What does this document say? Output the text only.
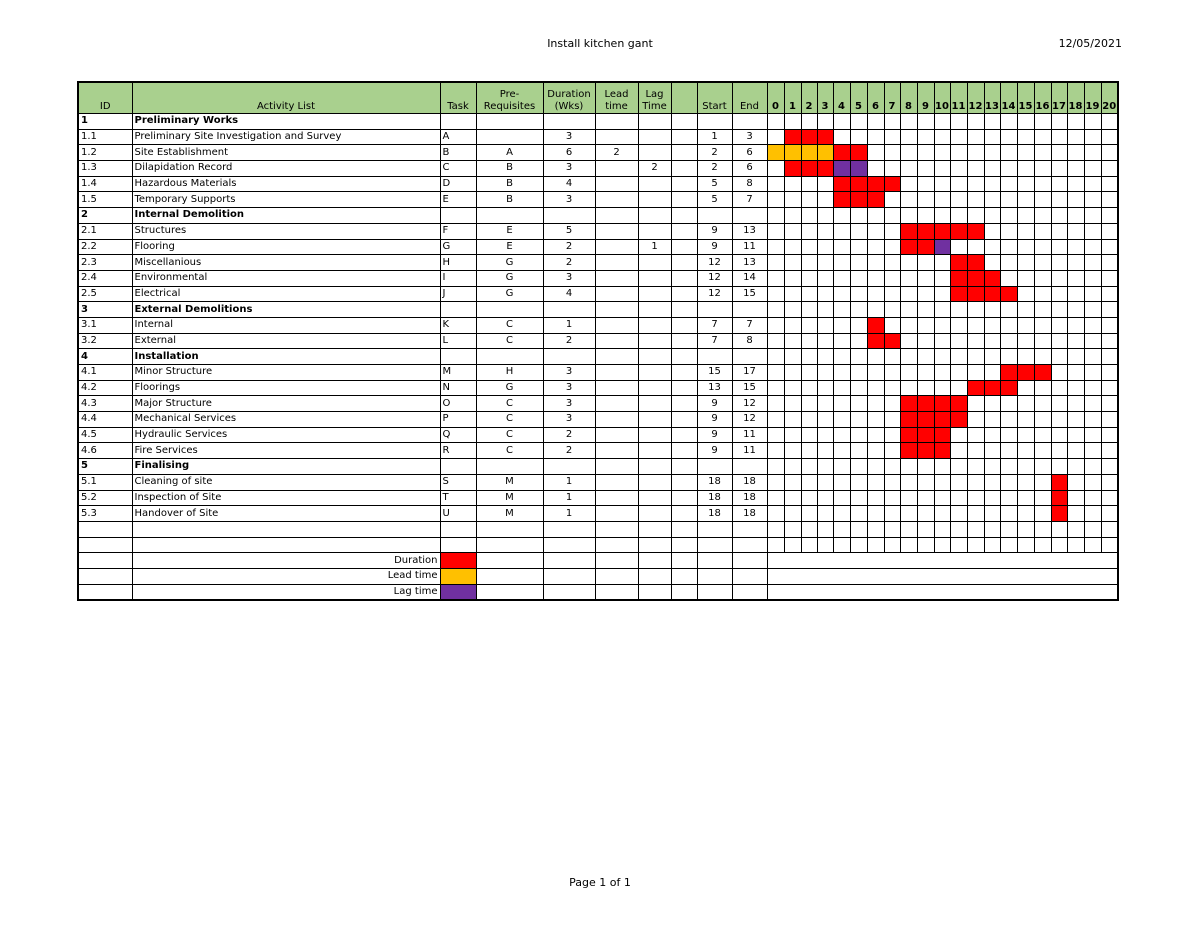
Install kitchen gant	12/05/2021
ID	Activity List	Task	Pre- Requisites	Duration (Wks)	Lead time	Lag Time		Start	End	0	1	2	3	4	5	6	7	8	9	10	11	12	13	14	15	16	17	18	19	20
1	Preliminary Works																													
1.1	Preliminary Site Investigation and Survey	A		3				1	3																					
1.2	Site Establishment	B	A	6	2			2	6																					
1.3	Dilapidation Record	C	B	3		2		2	6																					
1.4	Hazardous Materials	D	B	4				5	8																					
1.5	Temporary Supports	E	B	3				5	7																					
2	Internal Demolition																													
2.1	Structures	F	E	5				9	13																					
2.2	Flooring	G	E	2		1		9	11																					
2.3	Miscellanious	H	G	2				12	13																					
2.4	Environmental	I	G	3				12	14																					
2.5	Electrical	J	G	4				12	15																					
3	External Demolitions																													
3.1	Internal	K	C	1				7	7																					
3.2	External	L	C	2				7	8																					
4	Installation																													
4.1	Minor Structure	M	H	3				15	17																					
4.2	Floorings	N	G	3				13	15																					
4.3	Major Structure	O	C	3				9	12																					
4.4	Mechanical Services	P	C	3				9	12																					
4.5	Hydraulic Services	Q	C	2				9	11																					
4.6	Fire Services	R	C	2				9	11																					
5	Finalising																													
5.1	Cleaning of site	S	M	1				18	18																					
5.2	Inspection of Site	T	M	1				18	18																					
5.3	Handover of Site	U	M	1				18	18																					

	Duration																													
	Lead time																													
	Lag time																													
Page 1 of 1
